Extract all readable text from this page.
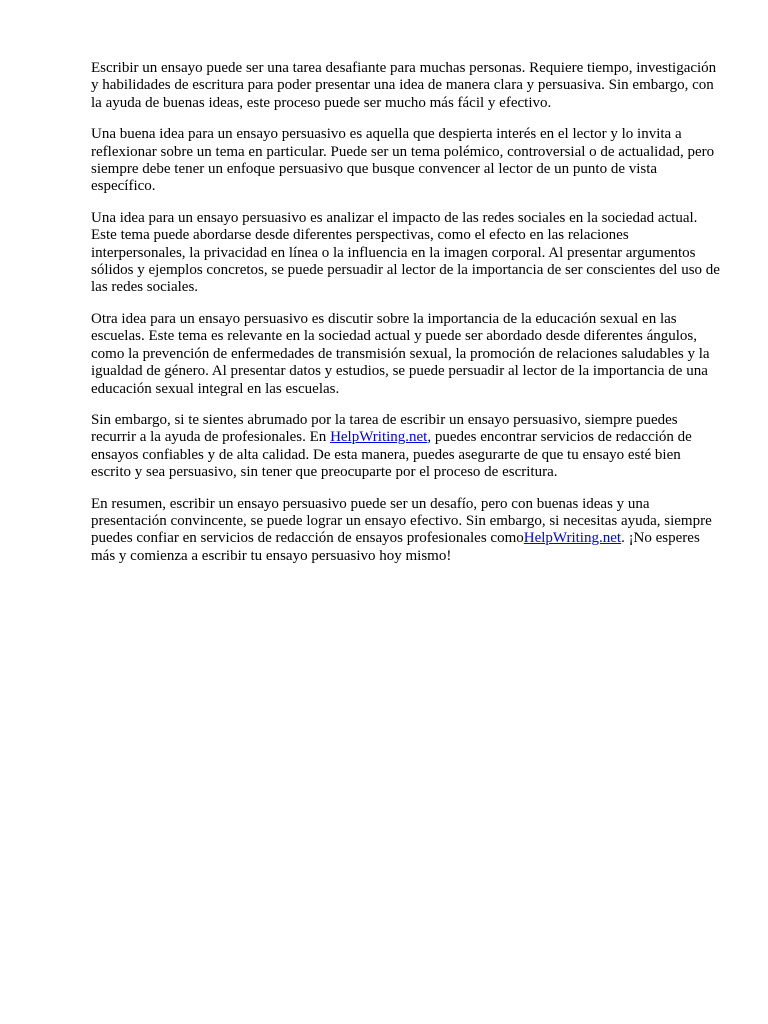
Escribir un ensayo puede ser una tarea desafiante para muchas personas. Requiere tiempo, investigación y habilidades de escritura para poder presentar una idea de manera clara y persuasiva. Sin embargo, con la ayuda de buenas ideas, este proceso puede ser mucho más fácil y efectivo.

Una buena idea para un ensayo persuasivo es aquella que despierta interés en el lector y lo invita a reflexionar sobre un tema en particular. Puede ser un tema polémico, controversial o de actualidad, pero siempre debe tener un enfoque persuasivo que busque convencer al lector de un punto de vista específico.

Una idea para un ensayo persuasivo es analizar el impacto de las redes sociales en la sociedad actual. Este tema puede abordarse desde diferentes perspectivas, como el efecto en las relaciones interpersonales, la privacidad en línea o la influencia en la imagen corporal. Al presentar argumentos sólidos y ejemplos concretos, se puede persuadir al lector de la importancia de ser conscientes del uso de las redes sociales.

Otra idea para un ensayo persuasivo es discutir sobre la importancia de la educación sexual en las escuelas. Este tema es relevante en la sociedad actual y puede ser abordado desde diferentes ángulos, como la prevención de enfermedades de transmisión sexual, la promoción de relaciones saludables y la igualdad de género. Al presentar datos y estudios, se puede persuadir al lector de la importancia de una educación sexual integral en las escuelas.

Sin embargo, si te sientes abrumado por la tarea de escribir un ensayo persuasivo, siempre puedes recurrir a la ayuda de profesionales. En HelpWriting.net, puedes encontrar servicios de redacción de ensayos confiables y de alta calidad. De esta manera, puedes asegurarte de que tu ensayo esté bien escrito y sea persuasivo, sin tener que preocuparte por el proceso de escritura.

En resumen, escribir un ensayo persuasivo puede ser un desafío, pero con buenas ideas y una presentación convincente, se puede lograr un ensayo efectivo. Sin embargo, si necesitas ayuda, siempre puedes confiar en servicios de redacción de ensayos profesionales comoHelpWriting.net. ¡No esperes más y comienza a escribir tu ensayo persuasivo hoy mismo!
